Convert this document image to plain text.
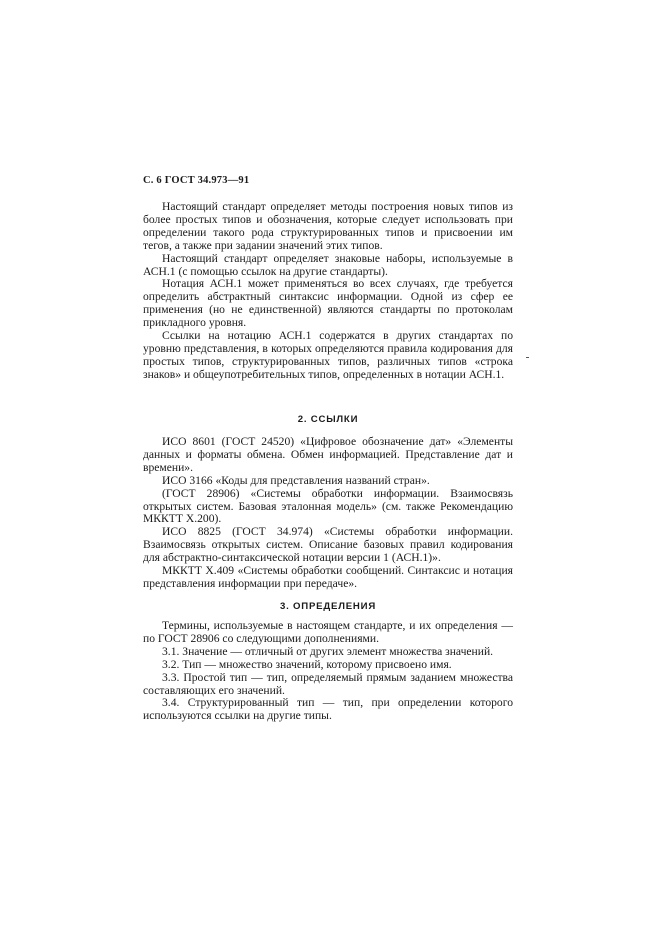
С. 6 ГОСТ 34.973—91

Настоящий стандарт определяет методы построения новых типов из более простых типов и обозначения, которые следует использовать при определении такого рода структурированных типов и присвоении им тегов, а также при задании значений этих типов.

Настоящий стандарт определяет знаковые наборы, используемые в АСН.1 (с помощью ссылок на другие стандарты).

Нотация АСН.1 может применяться во всех случаях, где требуется определить абстрактный синтаксис информации. Одной из сфер ее применения (но не единственной) являются стандарты по протоколам прикладного уровня.

Ссылки на нотацию АСН.1 содержатся в других стандартах по уровню представления, в которых определяются правила кодирования для простых типов, структурированных типов, различных типов «строка знаков» и общеупотребительных типов, определенных в нотации АСН.1.

2. ССЫЛКИ

ИСО 8601 (ГОСТ 24520) «Цифровое обозначение дат» «Элементы данных и форматы обмена. Обмен информацией. Представление дат и времени».

ИСО 3166 «Коды для представления названий стран».

(ГОСТ 28906) «Системы обработки информации. Взаимосвязь открытых систем. Базовая эталонная модель» (см. также Рекомендацию МККТТ Х.200).

ИСО 8825 (ГОСТ 34.974) «Системы обработки информации. Взаимосвязь открытых систем. Описание базовых правил кодирования для абстрактно-синтаксической нотации версии 1 (АСН.1)».

МККТТ Х.409 «Системы обработки сообщений. Синтаксис и нотация представления информации при передаче».

3. ОПРЕДЕЛЕНИЯ

Термины, используемые в настоящем стандарте, и их определения — по ГОСТ 28906 со следующими дополнениями.

3.1. Значение — отличный от других элемент множества значений.

3.2. Тип — множество значений, которому присвоено имя.

3.3. Простой тип — тип, определяемый прямым заданием множества составляющих его значений.

3.4. Структурированный тип — тип, при определении которого используются ссылки на другие типы.
